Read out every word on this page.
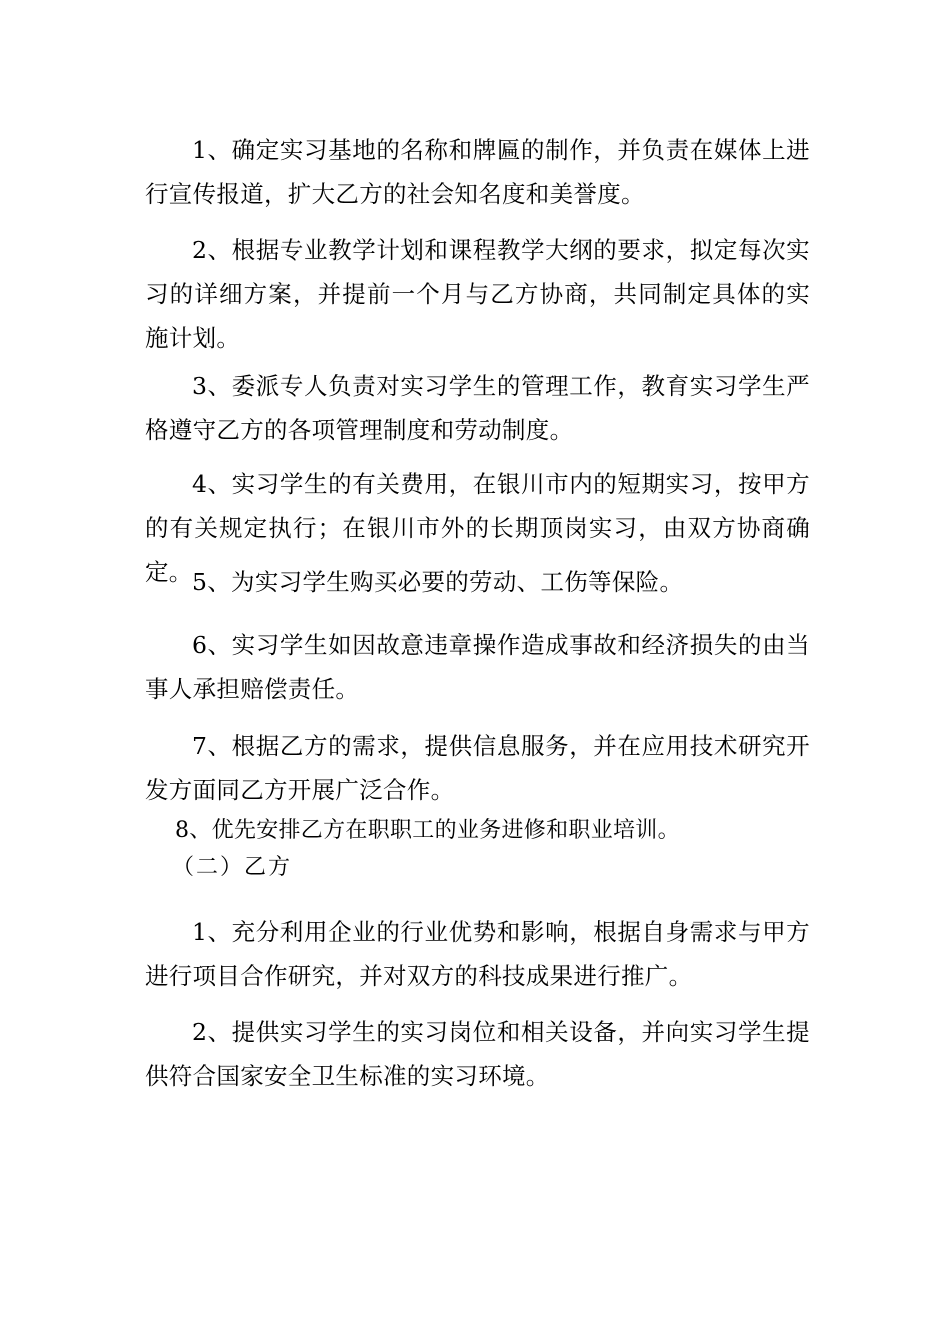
1、确定实习基地的名称和牌匾的制作，并负责在媒体上进行宣传报道，扩大乙方的社会知名度和美誉度。

2、根据专业教学计划和课程教学大纲的要求，拟定每次实习的详细方案，并提前一个月与乙方协商，共同制定具体的实施计划。

3、委派专人负责对实习学生的管理工作，教育实习学生严格遵守乙方的各项管理制度和劳动制度。

4、实习学生的有关费用，在银川市内的短期实习，按甲方的有关规定执行；在银川市外的长期顶岗实习，由双方协商确定。 5、为实习学生购买必要的劳动、工伤等保险。

6、实习学生如因故意违章操作造成事故和经济损失的由当事人承担赔偿责任。

7、根据乙方的需求，提供信息服务，并在应用技术研究开发方面同乙方开展广泛合作。

8、优先安排乙方在职职工的业务进修和职业培训。

（二）乙方

1、充分利用企业的行业优势和影响，根据自身需求与甲方进行项目合作研究，并对双方的科技成果进行推广。

2、提供实习学生的实习岗位和相关设备，并向实习学生提供符合国家安全卫生标准的实习环境。
